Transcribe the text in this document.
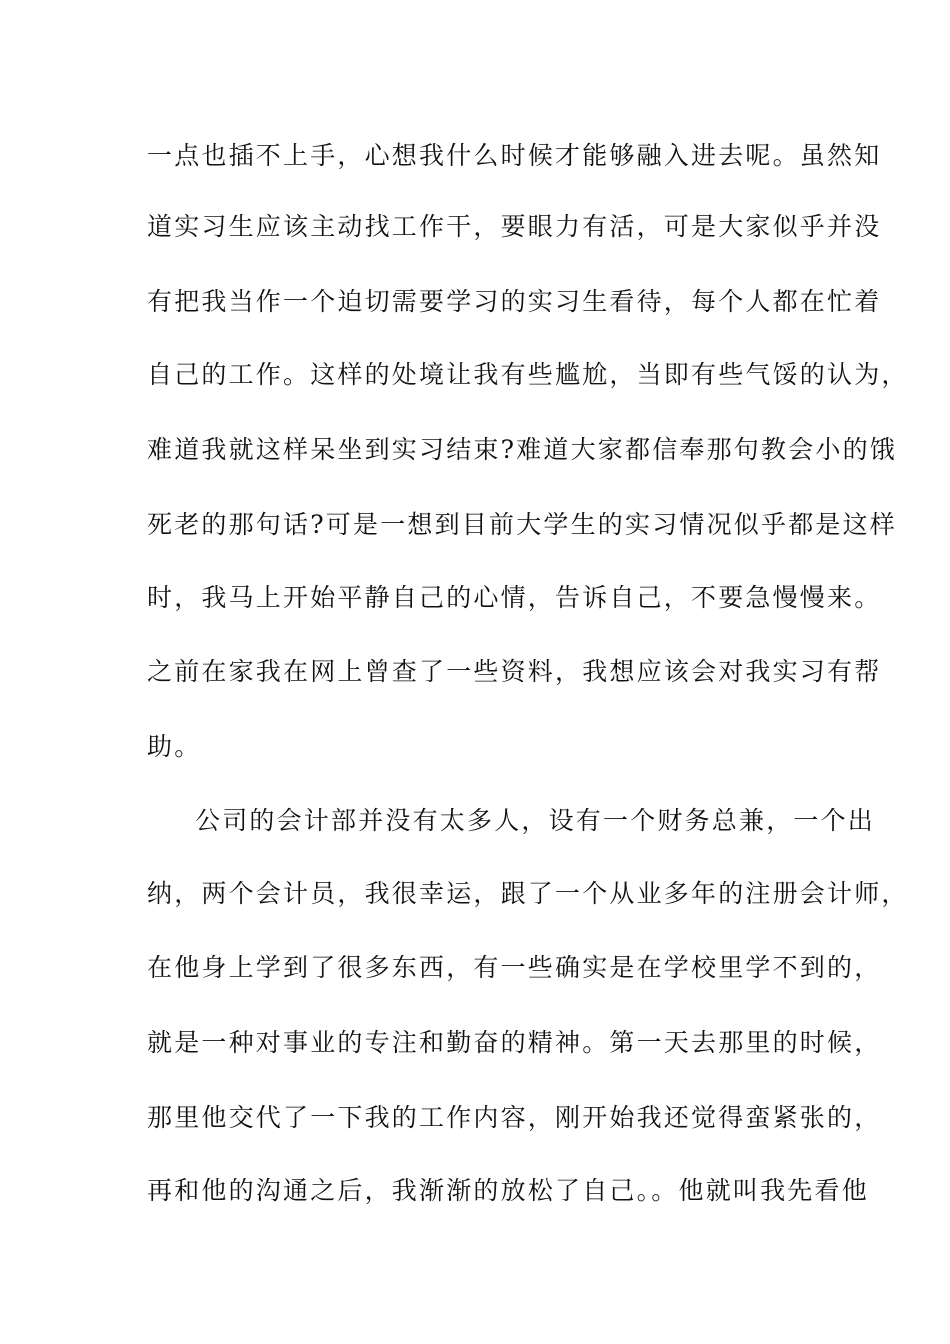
一点也插不上手，心想我什么时候才能够融入进去呢。虽然知
道实习生应该主动找工作干，要眼力有活，可是大家似乎并没
有把我当作一个迫切需要学习的实习生看待，每个人都在忙着
自己的工作。这样的处境让我有些尴尬，当即有些气馁的认为，
难道我就这样呆坐到实习结束?难道大家都信奉那句教会小的饿
死老的那句话?可是一想到目前大学生的实习情况似乎都是这样
时，我马上开始平静自己的心情，告诉自己，不要急慢慢来。
之前在家我在网上曾查了一些资料，我想应该会对我实习有帮
助。
公司的会计部并没有太多人，设有一个财务总兼，一个出
纳，两个会计员，我很幸运，跟了一个从业多年的注册会计师，
在他身上学到了很多东西，有一些确实是在学校里学不到的，
就是一种对事业的专注和勤奋的精神。第一天去那里的时候，
那里他交代了一下我的工作内容，刚开始我还觉得蛮紧张的，
再和他的沟通之后，我渐渐的放松了自己。。他就叫我先看他
